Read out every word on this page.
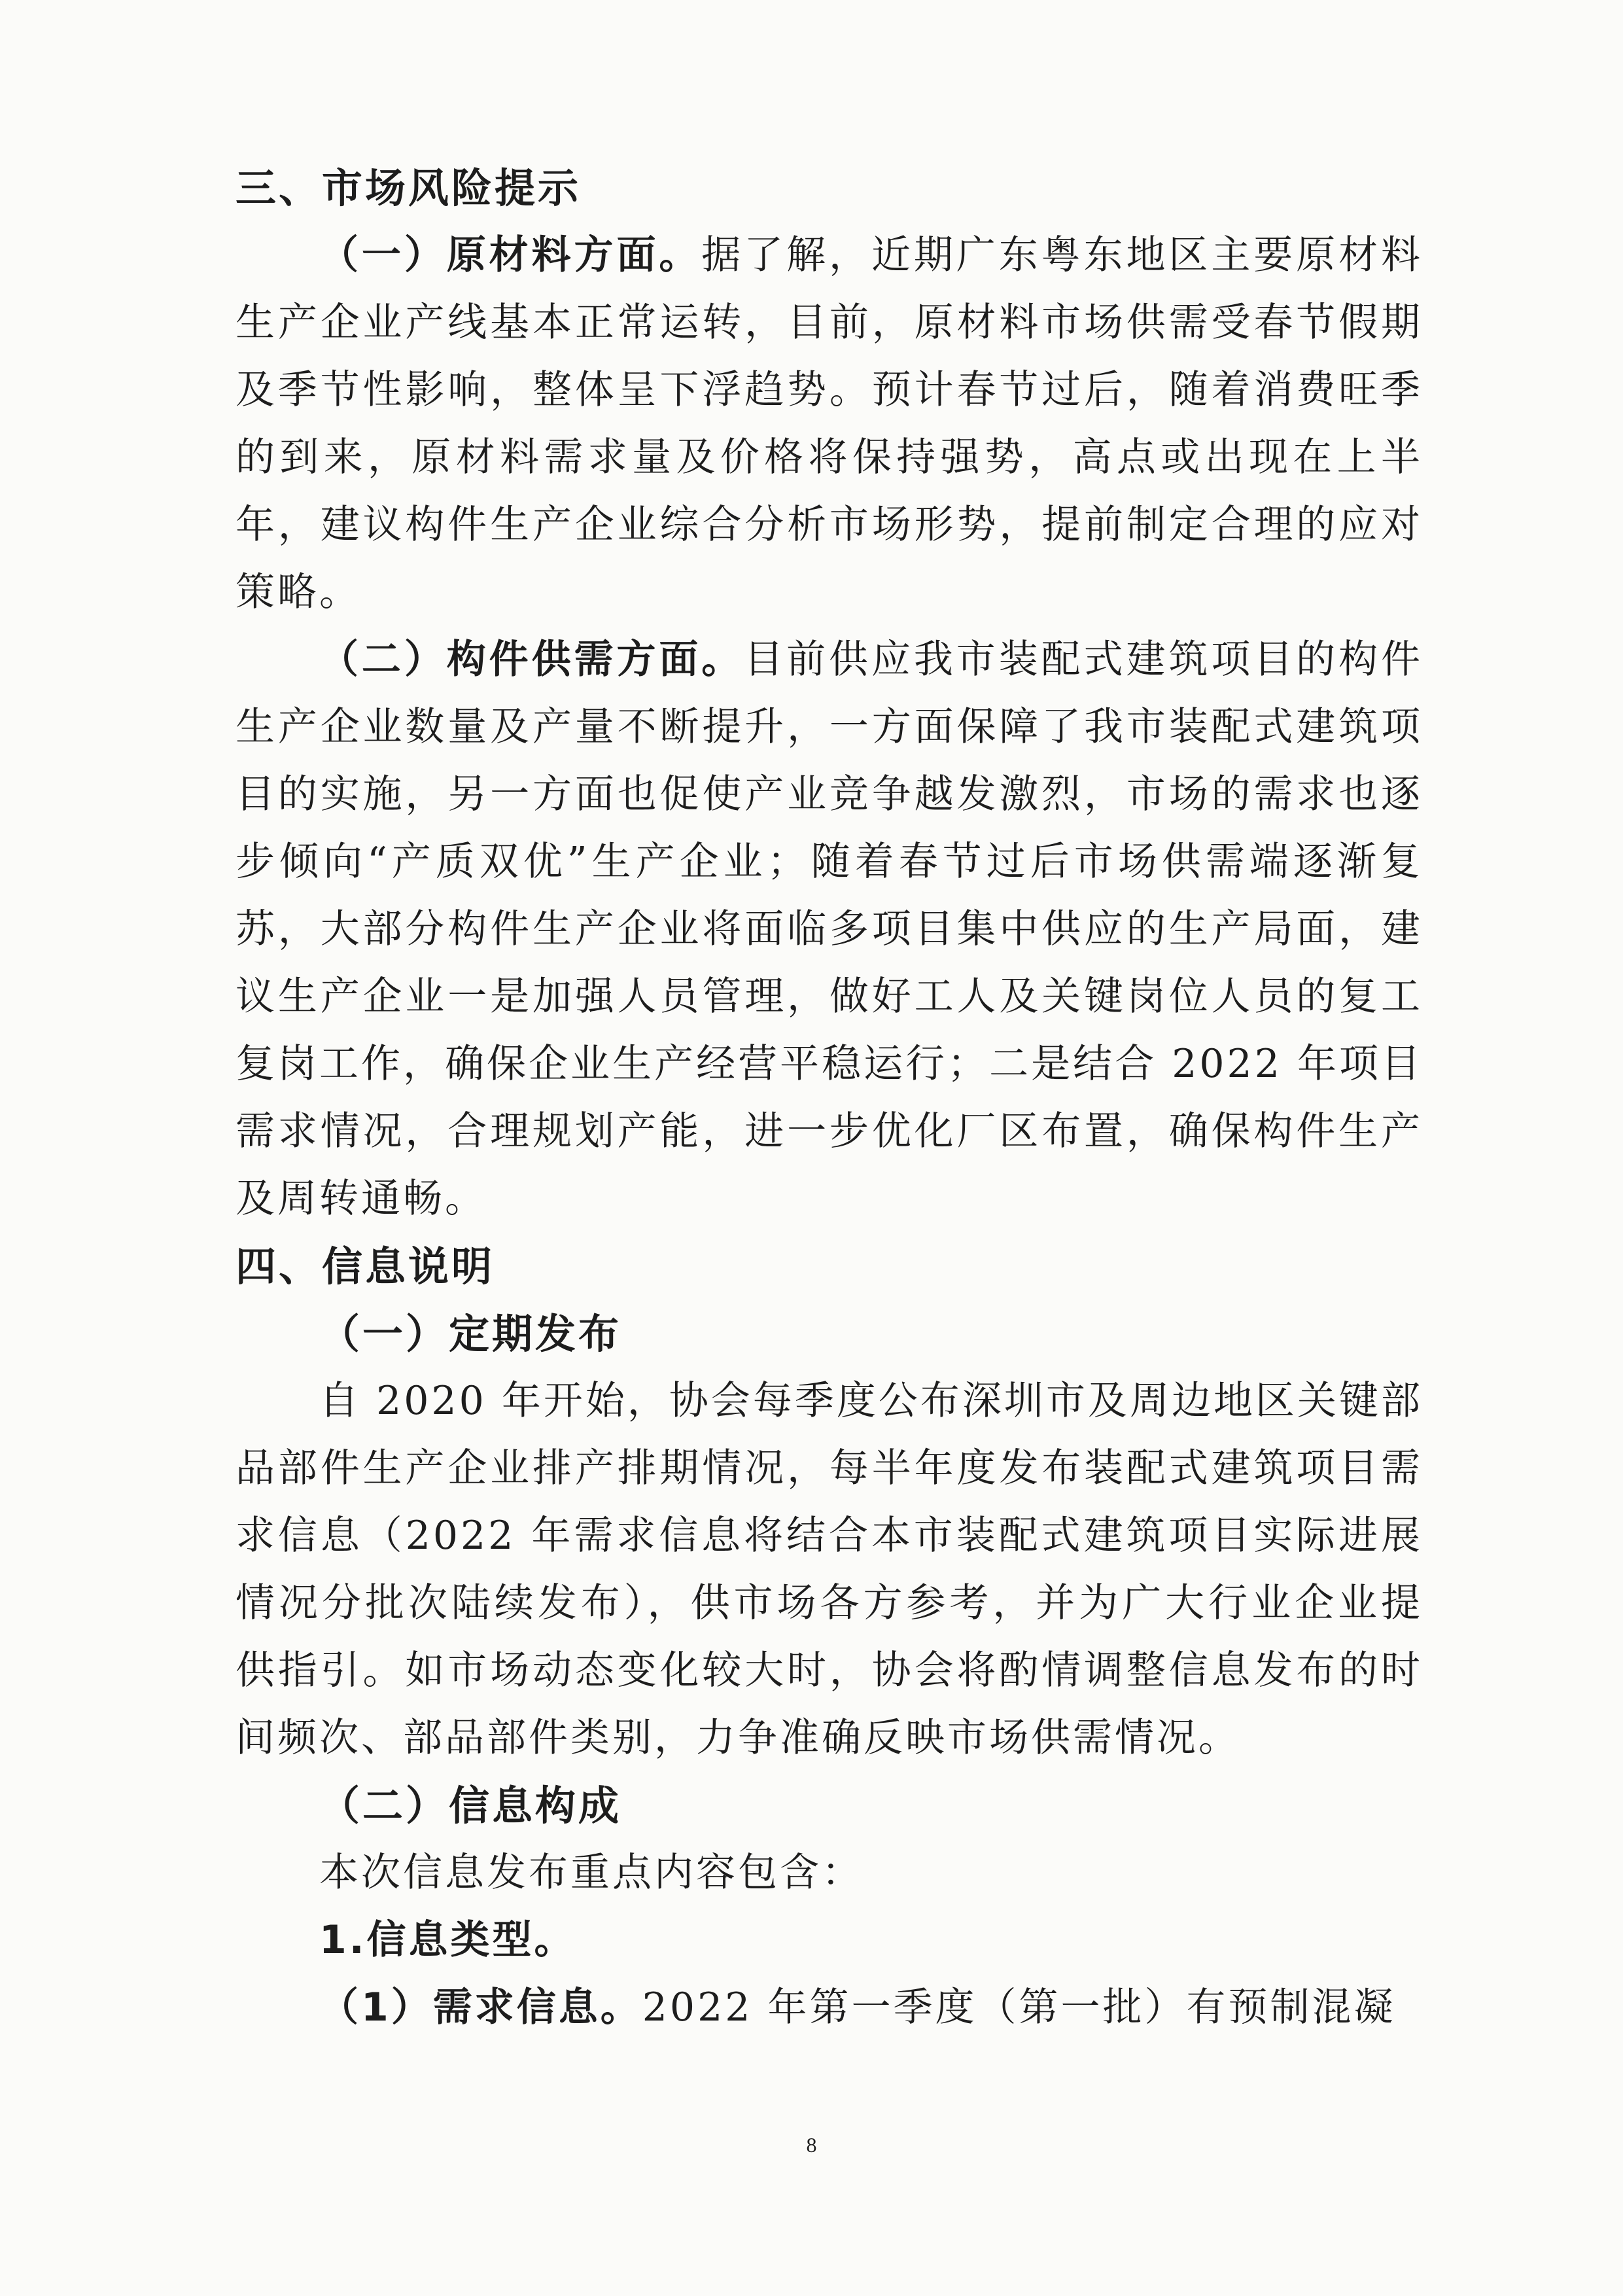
三、市场风险提示

（一）原材料方面。据了解，近期广东粤东地区主要原材料生产企业产线基本正常运转，目前，原材料市场供需受春节假期及季节性影响，整体呈下浮趋势。预计春节过后，随着消费旺季的到来，原材料需求量及价格将保持强势，高点或出现在上半年，建议构件生产企业综合分析市场形势，提前制定合理的应对策略。

（二）构件供需方面。目前供应我市装配式建筑项目的构件生产企业数量及产量不断提升，一方面保障了我市装配式建筑项目的实施，另一方面也促使产业竞争越发激烈，市场的需求也逐步倾向“产质双优”生产企业；随着春节过后市场供需端逐渐复苏，大部分构件生产企业将面临多项目集中供应的生产局面，建议生产企业一是加强人员管理，做好工人及关键岗位人员的复工复岗工作，确保企业生产经营平稳运行；二是结合 2022 年项目需求情况，合理规划产能，进一步优化厂区布置，确保构件生产及周转通畅。

四、信息说明
（一）定期发布

自 2020 年开始，协会每季度公布深圳市及周边地区关键部品部件生产企业排产排期情况，每半年度发布装配式建筑项目需求信息（2022 年需求信息将结合本市装配式建筑项目实际进展情况分批次陆续发布），供市场各方参考，并为广大行业企业提供指引。如市场动态变化较大时，协会将酌情调整信息发布的时间频次、部品部件类别，力争准确反映市场供需情况。

（二）信息构成

本次信息发布重点内容包含：

1.信息类型。

（1）需求信息。2022 年第一季度（第一批）有预制混凝

8
